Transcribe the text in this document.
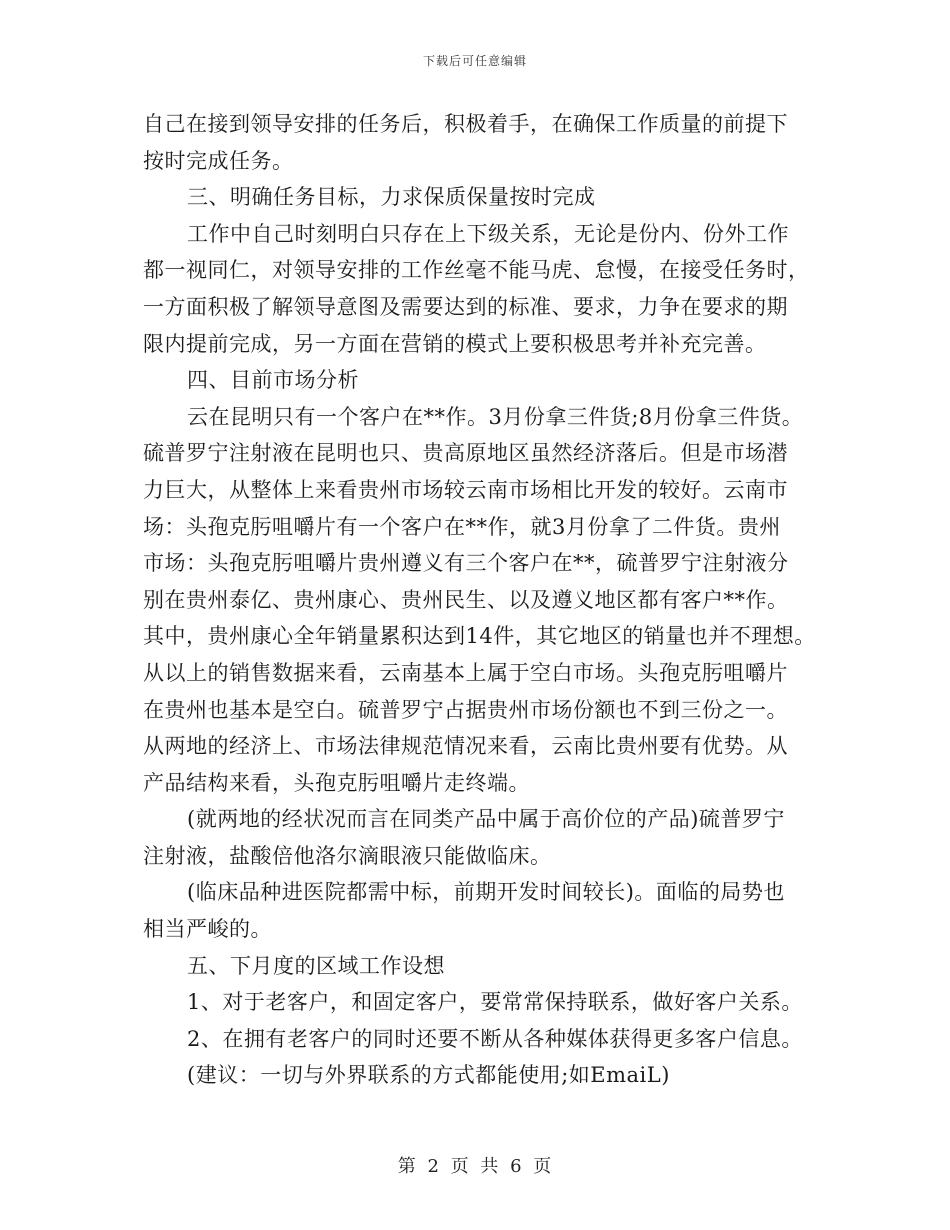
下载后可任意编辑
自己在接到领导安排的任务后，积极着手，在确保工作质量的前提下
按时完成任务。
三、明确任务目标，力求保质保量按时完成
工作中自己时刻明白只存在上下级关系，无论是份内、份外工作
都一视同仁，对领导安排的工作丝毫不能马虎、怠慢，在接受任务时，
一方面积极了解领导意图及需要达到的标准、要求，力争在要求的期
限内提前完成，另一方面在营销的模式上要积极思考并补充完善。
四、目前市场分析
云在昆明只有一个客户在**作。3月份拿三件货;8月份拿三件货。
硫普罗宁注射液在昆明也只、贵高原地区虽然经济落后。但是市场潜
力巨大，从整体上来看贵州市场较云南市场相比开发的较好。云南市
场：头孢克肟咀嚼片有一个客户在**作，就3月份拿了二件货。贵州
市场：头孢克肟咀嚼片贵州遵义有三个客户在**，硫普罗宁注射液分
别在贵州泰亿、贵州康心、贵州民生、以及遵义地区都有客户**作。
其中，贵州康心全年销量累积达到14件，其它地区的销量也并不理想。
从以上的销售数据来看，云南基本上属于空白市场。头孢克肟咀嚼片
在贵州也基本是空白。硫普罗宁占据贵州市场份额也不到三份之一。
从两地的经济上、市场法律规范情况来看，云南比贵州要有优势。从
产品结构来看，头孢克肟咀嚼片走终端。
(就两地的经状况而言在同类产品中属于高价位的产品)硫普罗宁
注射液，盐酸倍他洛尔滴眼液只能做临床。
(临床品种进医院都需中标，前期开发时间较长)。面临的局势也
相当严峻的。
五、下月度的区域工作设想
1、对于老客户，和固定客户，要常常保持联系，做好客户关系。
2、在拥有老客户的同时还要不断从各种媒体获得更多客户信息。
(建议：一切与外界联系的方式都能使用;如EmaiL)
第 2 页 共 6 页
